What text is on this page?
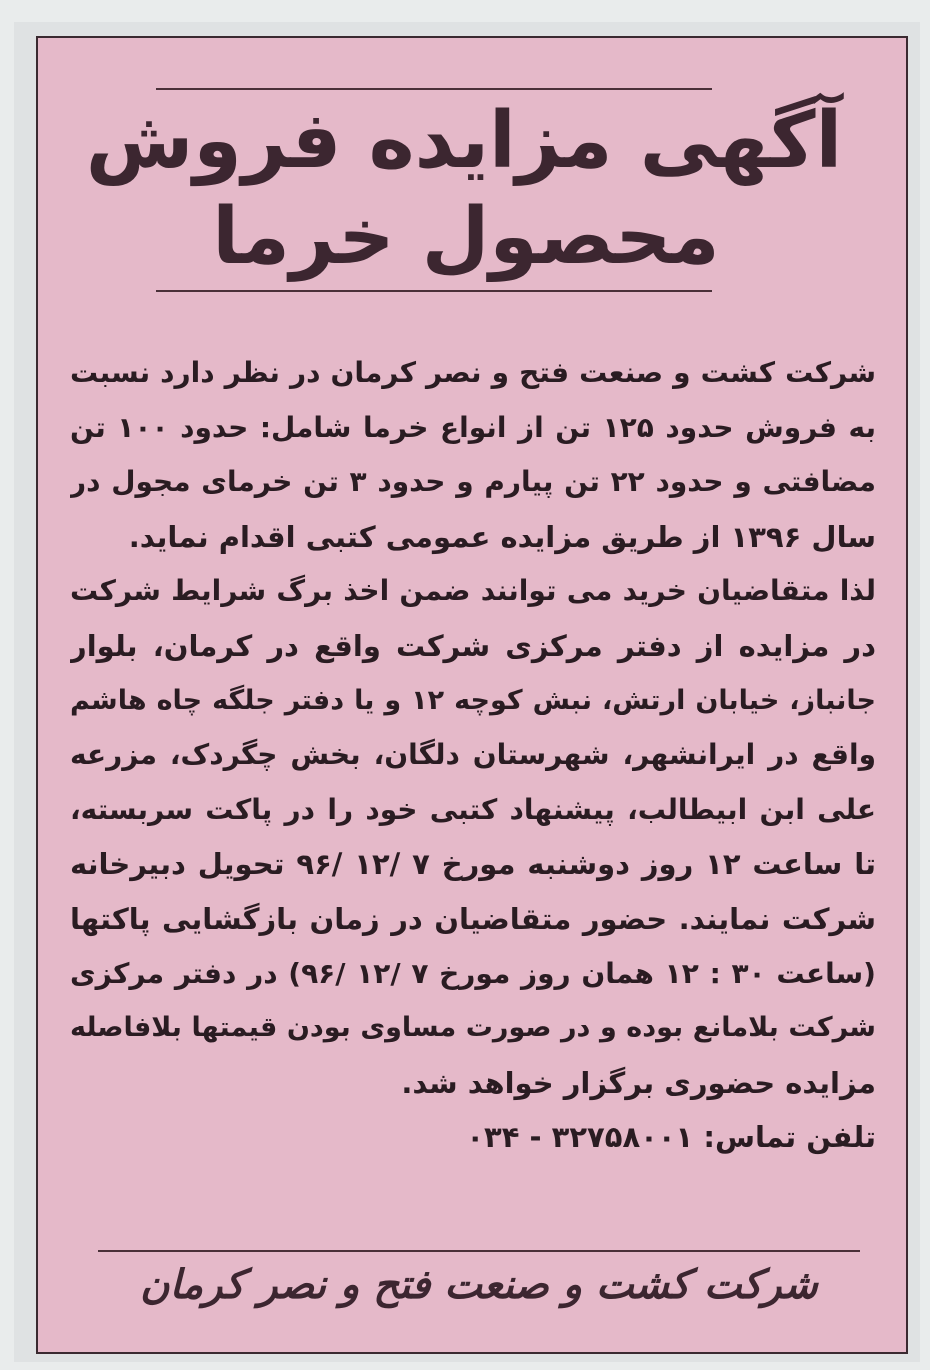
آگهی مزایده فروش
محصول خرما
شرکت کشت و صنعت فتح و نصر کرمان در نظر دارد نسبت
به فروش حدود ۱۲۵ تن از انواع خرما شامل: حدود ۱۰۰ تن
مضافتی و حدود ۲۲ تن پیارم و حدود ۳ تن خرمای مجول در
سال ۱۳۹۶ از طریق مزایده عمومی کتبی اقدام نماید.
لذا متقاضیان خرید می توانند ضمن اخذ برگ شرایط شرکت
در مزایده از دفتر مرکزی شرکت واقع در کرمان، بلوار
جانباز، خیابان ارتش، نبش کوچه ۱۲ و یا دفتر جلگه چاه هاشم
واقع در ایرانشهر، شهرستان دلگان، بخش چگردک، مزرعه
علی ابن ابیطالب، پیشنهاد کتبی خود را در پاکت سربسته،
تا ساعت ۱۲ روز دوشنبه مورخ ۷ /۱۲ /۹۶ تحویل دبیرخانه
شرکت نمایند. حضور متقاضیان در زمان بازگشایی پاکتها
(ساعت ۳۰ : ۱۲ همان روز مورخ ۷ /۱۲ /۹۶) در دفتر مرکزی
شرکت بلامانع بوده و در صورت مساوی بودن قیمتها بلافاصله
مزایده حضوری برگزار خواهد شد.
تلفن تماس: ۳۲۷۵۸۰۰۱ - ۰۳۴
شرکت کشت و صنعت فتح و نصر کرمان
